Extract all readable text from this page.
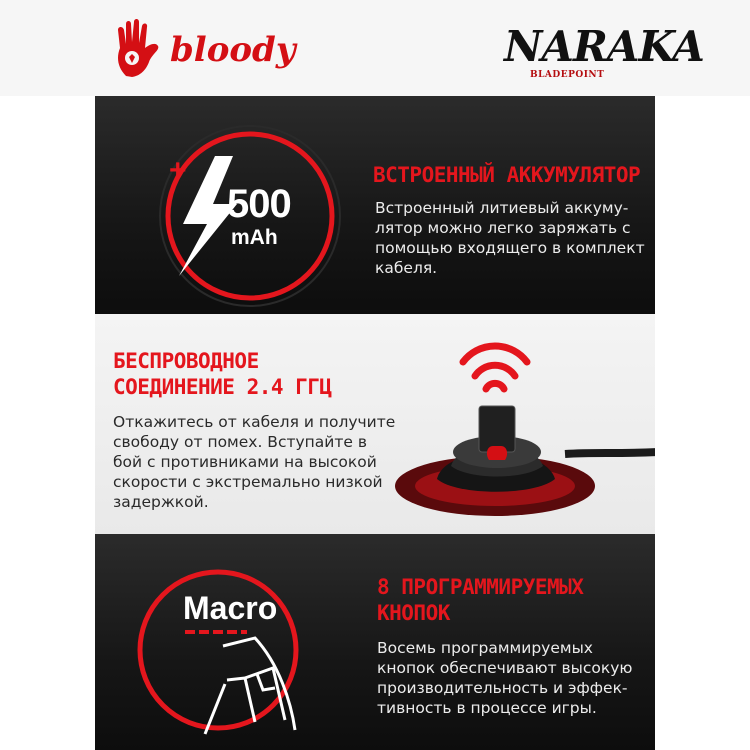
bloody	NARAKA
BLADEPOINT
+
500
mAh
ВСТРОЕННЫЙ АККУМУЛЯТОР
Встроенный литиевый аккуму-
лятор можно легко заряжать с
помощью входящего в комплект
кабеля.
БЕСПРОВОДНОЕ
СОЕДИНЕНИЕ 2.4 ГГЦ
Откажитесь от кабеля и получите
свободу от помех. Вступайте в
бой с противниками на высокой
скорости с экстремально низкой
задержкой.
Macro
8 ПРОГРАММИРУЕМЫХ
КНОПОК
Восемь программируемых
кнопок обеспечивают высокую
производительность и эффек-
тивность в процессе игры.
